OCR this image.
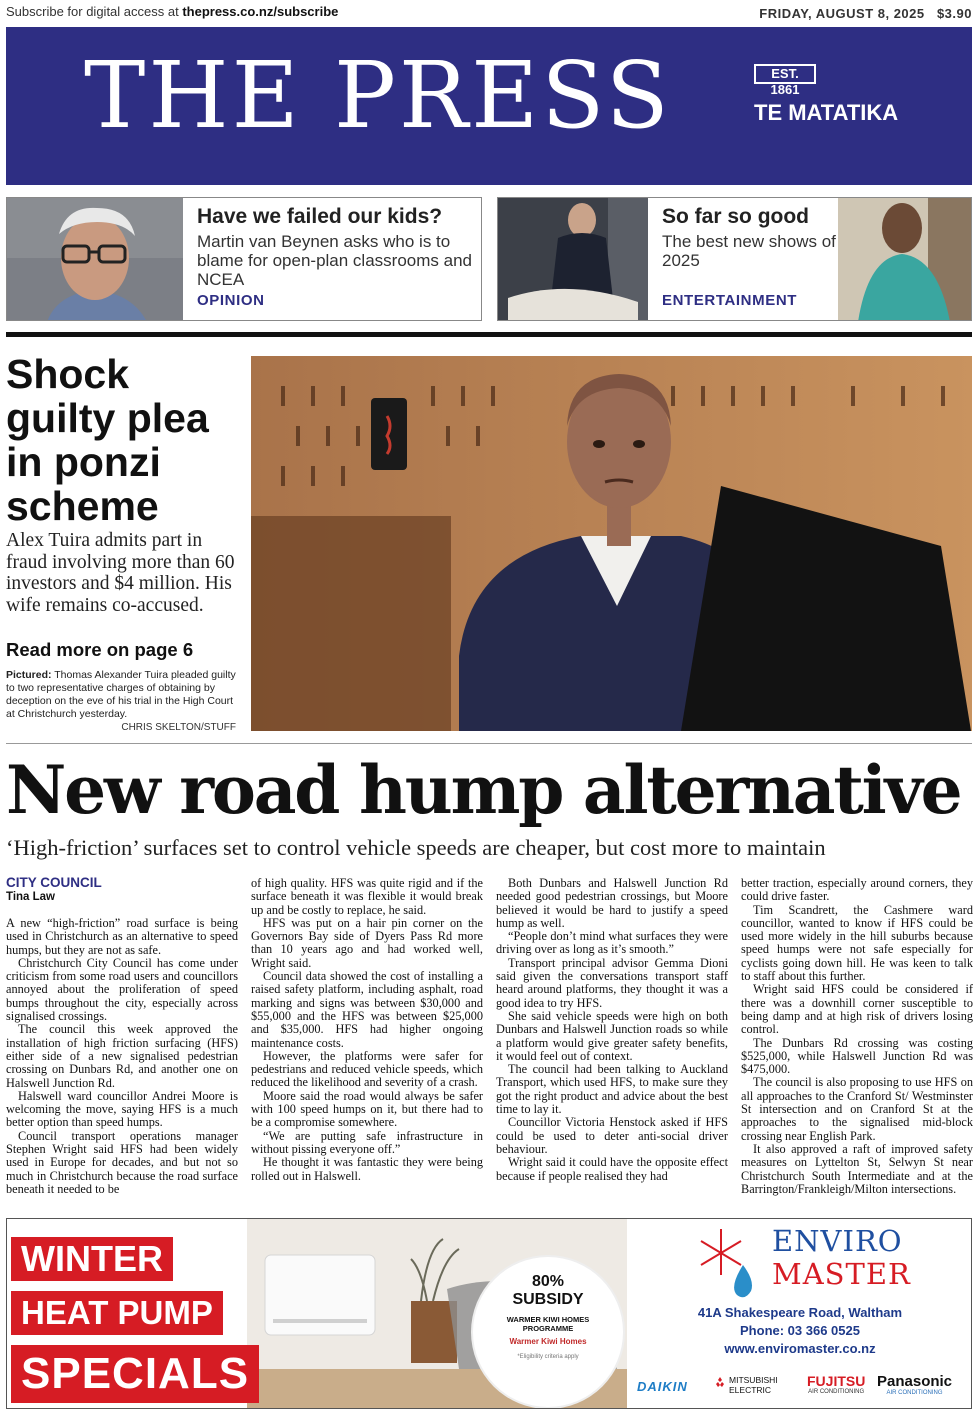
Subscribe for digital access at thepress.co.nz/subscribe	FRIDAY, AUGUST 8, 2025   $3.90
THE PRESS	EST. 1861
TE MATATIKA
Have we failed our kids?
Martin van Beynen asks who is to blame for open-plan classrooms and NCEA
OPINION
So far so good
The best new shows of 2025
ENTERTAINMENT
Shock guilty plea in ponzi scheme
Alex Tuira admits part in fraud involving more than 60 investors and $4 million. His wife remains co-accused.
Read more on page 6
Pictured: Thomas Alexander Tuira pleaded guilty to two representative charges of obtaining by deception on the eve of his trial in the High Court at Christchurch yesterday.
CHRIS SKELTON/STUFF
New road hump alternative
‘High-friction’ surfaces set to control vehicle speeds are cheaper, but cost more to maintain
CITY COUNCIL
Tina Law

A new “high-friction” road surface is being used in Christchurch as an alternative to speed humps, but they are not as safe.

Christchurch City Council has come under criticism from some road users and councillors annoyed about the proliferation of speed bumps throughout the city, especially across signalised crossings.

The council this week approved the installation of high friction surfacing (HFS) either side of a new signalised pedestrian crossing on Dunbars Rd, and another one on Halswell Junction Rd.

Halswell ward councillor Andrei Moore is welcoming the move, saying HFS is a much better option than speed humps.

Council transport operations manager Stephen Wright said HFS had been widely used in Europe for decades, and but not so much in Christchurch because the road surface beneath it needed to be

of high quality. HFS was quite rigid and if the surface beneath it was flexible it would break up and be costly to replace, he said.

HFS was put on a hair pin corner on the Governors Bay side of Dyers Pass Rd more than 10 years ago and had worked well, Wright said.

Council data showed the cost of installing a raised safety platform, including asphalt, road marking and signs was between $30,000 and $55,000 and the HFS was between $25,000 and $35,000. HFS had higher ongoing maintenance costs.

However, the platforms were safer for pedestrians and reduced vehicle speeds, which reduced the likelihood and severity of a crash.

Moore said the road would always be safer with 100 speed humps on it, but there had to be a compromise somewhere.

“We are putting safe infrastructure in without pissing everyone off.”

He thought it was fantastic they were being rolled out in Halswell.

Both Dunbars and Halswell Junction Rd needed good pedestrian crossings, but Moore believed it would be hard to justify a speed hump as well.

“People don’t mind what surfaces they were driving over as long as it’s smooth.”

Transport principal advisor Gemma Dioni said given the conversations transport staff heard around platforms, they thought it was a good idea to try HFS.

She said vehicle speeds were high on both Dunbars and Halswell Junction roads so while a platform would give greater safety benefits, it would feel out of context.

The council had been talking to Auckland Transport, which used HFS, to make sure they got the right product and advice about the best time to lay it.

Councillor Victoria Henstock asked if HFS could be used to deter anti-social driver behaviour.

Wright said it could have the opposite effect because if people realised they had

better traction, especially around corners, they could drive faster.

Tim Scandrett, the Cashmere ward councillor, wanted to know if HFS could be used more widely in the hill suburbs because speed humps were not safe especially for cyclists going down hill. He was keen to talk to staff about this further.

Wright said HFS could be considered if there was a downhill corner susceptible to being damp and at high risk of drivers losing control.

The Dunbars Rd crossing was costing $525,000, while Halswell Junction Rd was $475,000.

The council is also proposing to use HFS on all approaches to the Cranford St/ Westminster St intersection and on Cranford St at the approaches to the signalised mid-block crossing near English Park.

It also approved a raft of improved safety measures on Lyttelton St, Selwyn St near Christchurch South Intermediate and at the Barrington/Frankleigh/Milton intersections.

WINTER
HEAT PUMP
SPECIALS
80%
SUBSIDY
WARMER KIWI HOMES PROGRAMME
Warmer Kiwi Homes
*Eligibility criteria apply
ENVIRO
MASTER
41A Shakespeare Road, Waltham
Phone: 03 366 0525
www.enviromaster.co.nz
DAIKIN	MITSUBISHI
ELECTRIC
FUJITSU
AIR CONDITIONING
Panasonic
AIR CONDITIONING
